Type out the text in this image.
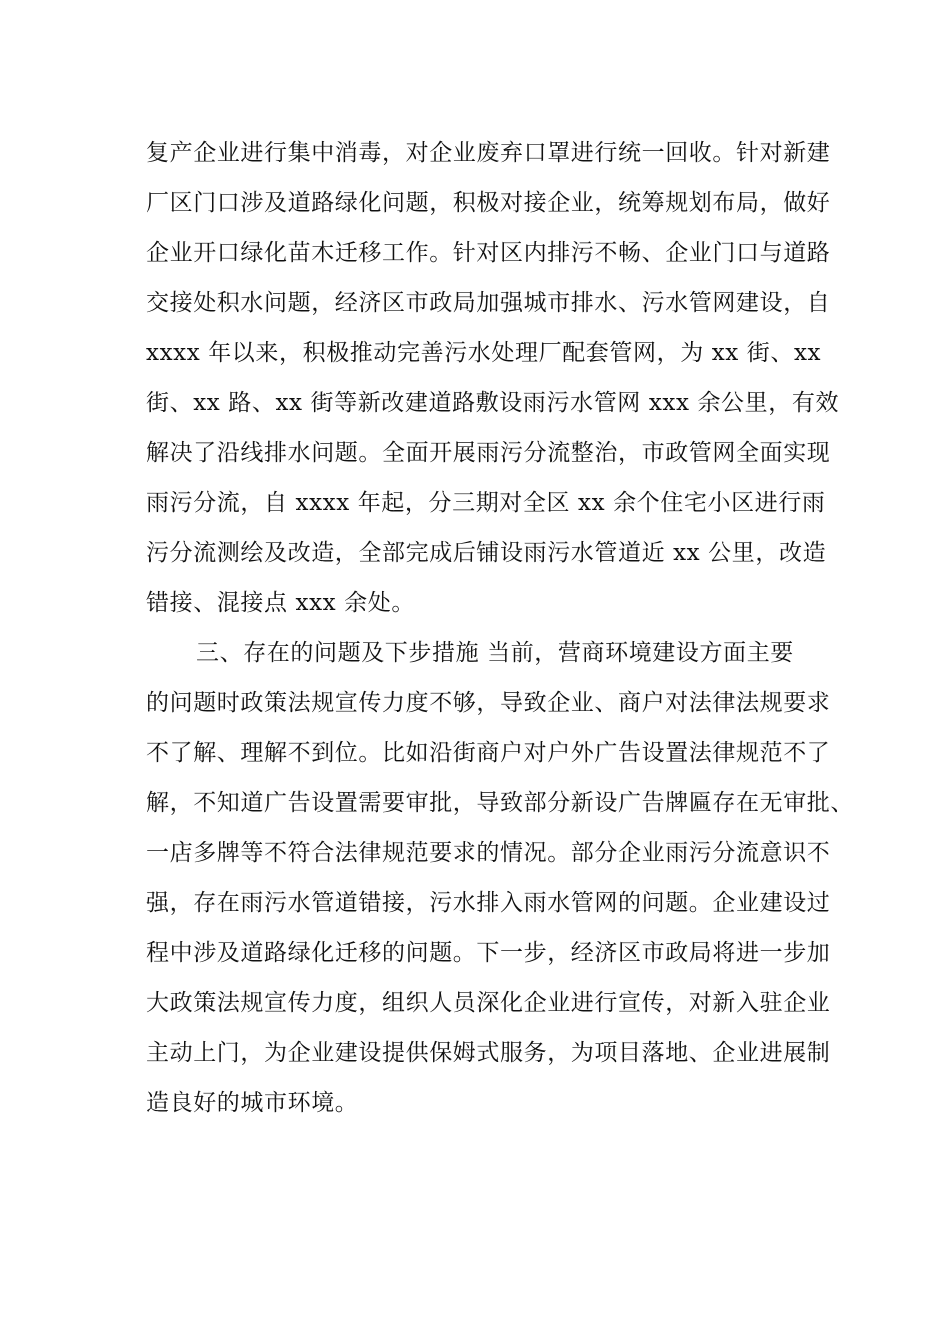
复产企业进行集中消毒，对企业废弃口罩进行统一回收。针对新建
厂区门口涉及道路绿化问题，积极对接企业，统筹规划布局，做好
企业开口绿化苗木迁移工作。针对区内排污不畅、企业门口与道路
交接处积水问题，经济区市政局加强城市排水、污水管网建设，自
xxxx 年以来，积极推动完善污水处理厂配套管网，为 xx 街、xx
街、xx 路、xx 街等新改建道路敷设雨污水管网 xxx 余公里，有效
解决了沿线排水问题。全面开展雨污分流整治，市政管网全面实现
雨污分流，自 xxxx 年起，分三期对全区 xx 余个住宅小区进行雨
污分流测绘及改造，全部完成后铺设雨污水管道近 xx 公里，改造
错接、混接点 xxx 余处。
三、存在的问题及下步措施 当前，营商环境建设方面主要
的问题时政策法规宣传力度不够，导致企业、商户对法律法规要求
不了解、理解不到位。比如沿街商户对户外广告设置法律规范不了
解，不知道广告设置需要审批，导致部分新设广告牌匾存在无审批、
一店多牌等不符合法律规范要求的情况。部分企业雨污分流意识不
强，存在雨污水管道错接，污水排入雨水管网的问题。企业建设过
程中涉及道路绿化迁移的问题。下一步，经济区市政局将进一步加
大政策法规宣传力度，组织人员深化企业进行宣传，对新入驻企业
主动上门，为企业建设提供保姆式服务，为项目落地、企业进展制
造良好的城市环境。
